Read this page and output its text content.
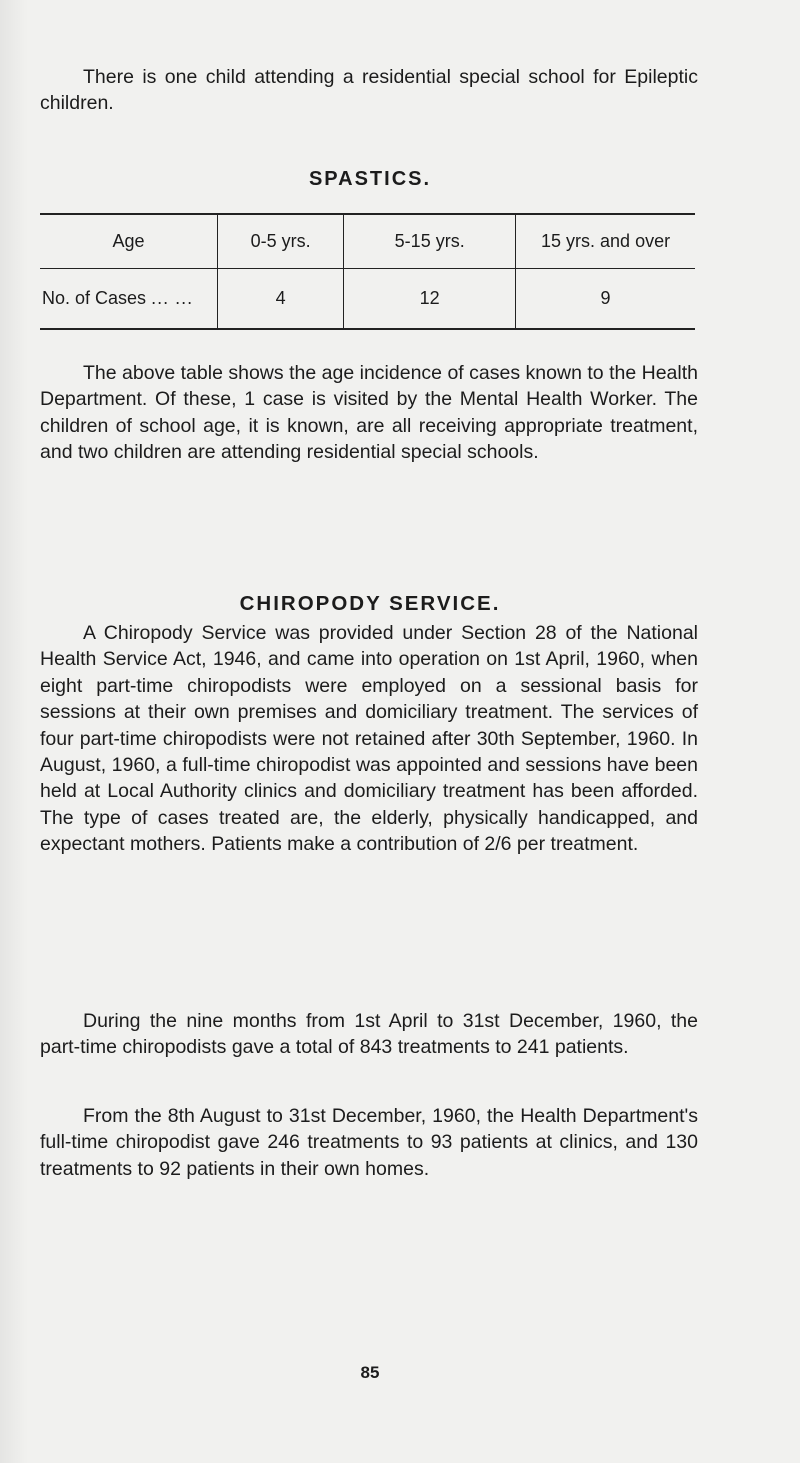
There is one child attending a residential special school for Epileptic children.

SPASTICS.
Age	0-5 yrs.	5-15 yrs.	15 yrs. and over
No. of Cases ... ...	4	12	9

The above table shows the age incidence of cases known to the Health Department. Of these, 1 case is visited by the Mental Health Worker. The children of school age, it is known, are all receiving appropriate treatment, and two children are attending residential special schools.

CHIROPODY SERVICE.

A Chiropody Service was provided under Section 28 of the National Health Service Act, 1946, and came into operation on 1st April, 1960, when eight part-time chiropodists were employed on a sessional basis for sessions at their own premises and domiciliary treatment. The services of four part-time chiropodists were not retained after 30th September, 1960. In August, 1960, a full-time chiropodist was appointed and sessions have been held at Local Authority clinics and domiciliary treatment has been afforded. The type of cases treated are, the elderly, physically handicapped, and expectant mothers. Patients make a contribution of 2/6 per treatment.

During the nine months from 1st April to 31st December, 1960, the part-time chiropodists gave a total of 843 treatments to 241 patients.

From the 8th August to 31st December, 1960, the Health Department's full-time chiropodist gave 246 treatments to 93 patients at clinics, and 130 treatments to 92 patients in their own homes.

85
